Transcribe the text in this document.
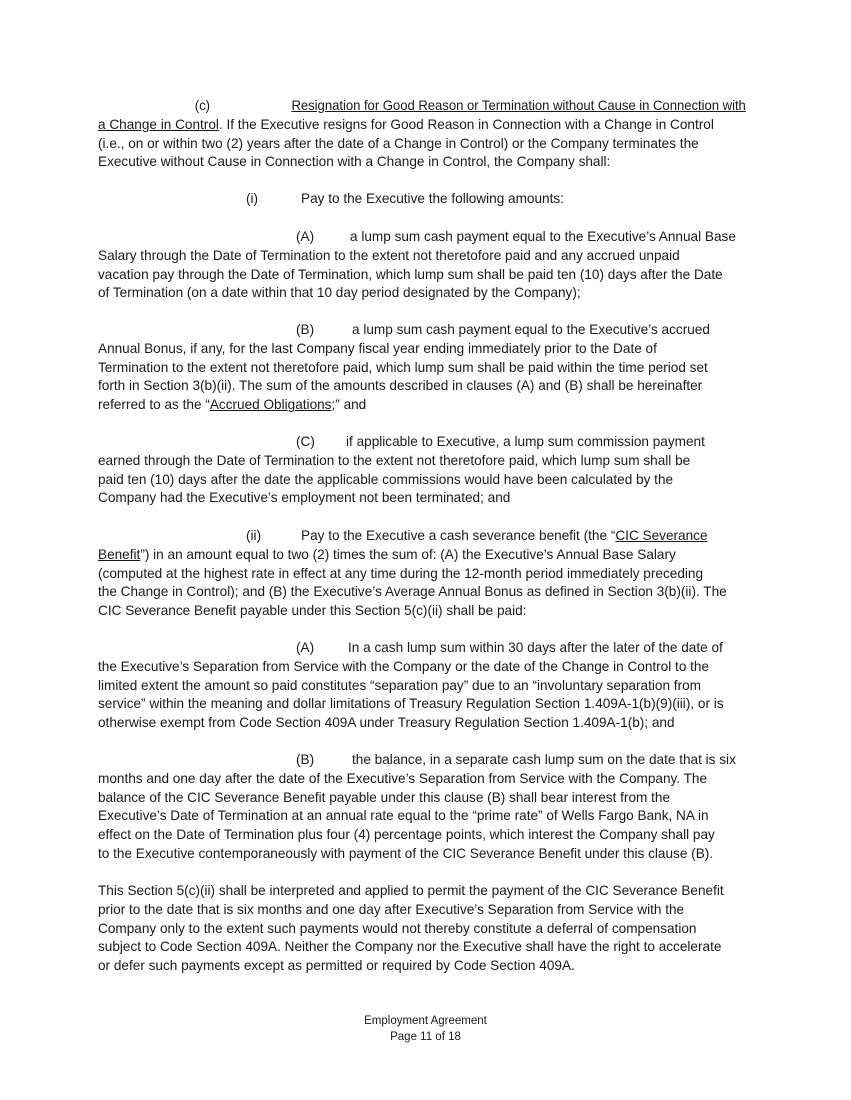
(c)	Resignation for Good Reason or Termination without Cause in Connection with
a Change in Control. If the Executive resigns for Good Reason in Connection with a Change in Control
(i.e., on or within two (2) years after the date of a Change in Control) or the Company terminates the
Executive without Cause in Connection with a Change in Control, the Company shall:
(i)	Pay to the Executive the following amounts:
(A)	a lump sum cash payment equal to the Executive’s Annual Base
Salary through the Date of Termination to the extent not theretofore paid and any accrued unpaid
vacation pay through the Date of Termination, which lump sum shall be paid ten (10) days after the Date
of Termination (on a date within that 10 day period designated by the Company);
(B)	a lump sum cash payment equal to the Executive’s accrued
Annual Bonus, if any, for the last Company fiscal year ending immediately prior to the Date of
Termination to the extent not theretofore paid, which lump sum shall be paid within the time period set
forth in Section 3(b)(ii). The sum of the amounts described in clauses (A) and (B) shall be hereinafter
referred to as the “Accrued Obligations;” and
(C) if applicable to Executive, a lump sum commission payment
earned through the Date of Termination to the extent not theretofore paid, which lump sum shall be
paid ten (10) days after the date the applicable commissions would have been calculated by the
Company had the Executive’s employment not been terminated; and
(ii)	Pay to the Executive a cash severance benefit (the “CIC Severance
Benefit”) in an amount equal to two (2) times the sum of: (A) the Executive’s Annual Base Salary
(computed at the highest rate in effect at any time during the 12-month period immediately preceding
the Change in Control); and (B) the Executive’s Average Annual Bonus as defined in Section 3(b)(ii). The
CIC Severance Benefit payable under this Section 5(c)(ii) shall be paid:
(A) In a cash lump sum within 30 days after the later of the date of
the Executive’s Separation from Service with the Company or the date of the Change in Control to the
limited extent the amount so paid constitutes “separation pay” due to an “involuntary separation from
service” within the meaning and dollar limitations of Treasury Regulation Section 1.409A-1(b)(9)(iii), or is
otherwise exempt from Code Section 409A under Treasury Regulation Section 1.409A-1(b); and
(B)	the balance, in a separate cash lump sum on the date that is six
months and one day after the date of the Executive’s Separation from Service with the Company. The
balance of the CIC Severance Benefit payable under this clause (B) shall bear interest from the
Executive’s Date of Termination at an annual rate equal to the “prime rate” of Wells Fargo Bank, NA in
effect on the Date of Termination plus four (4) percentage points, which interest the Company shall pay
to the Executive contemporaneously with payment of the CIC Severance Benefit under this clause (B).
This Section 5(c)(ii) shall be interpreted and applied to permit the payment of the CIC Severance Benefit
prior to the date that is six months and one day after Executive’s Separation from Service with the
Company only to the extent such payments would not thereby constitute a deferral of compensation
subject to Code Section 409A. Neither the Company nor the Executive shall have the right to accelerate
or defer such payments except as permitted or required by Code Section 409A.
Employment Agreement
Page 11 of 18
